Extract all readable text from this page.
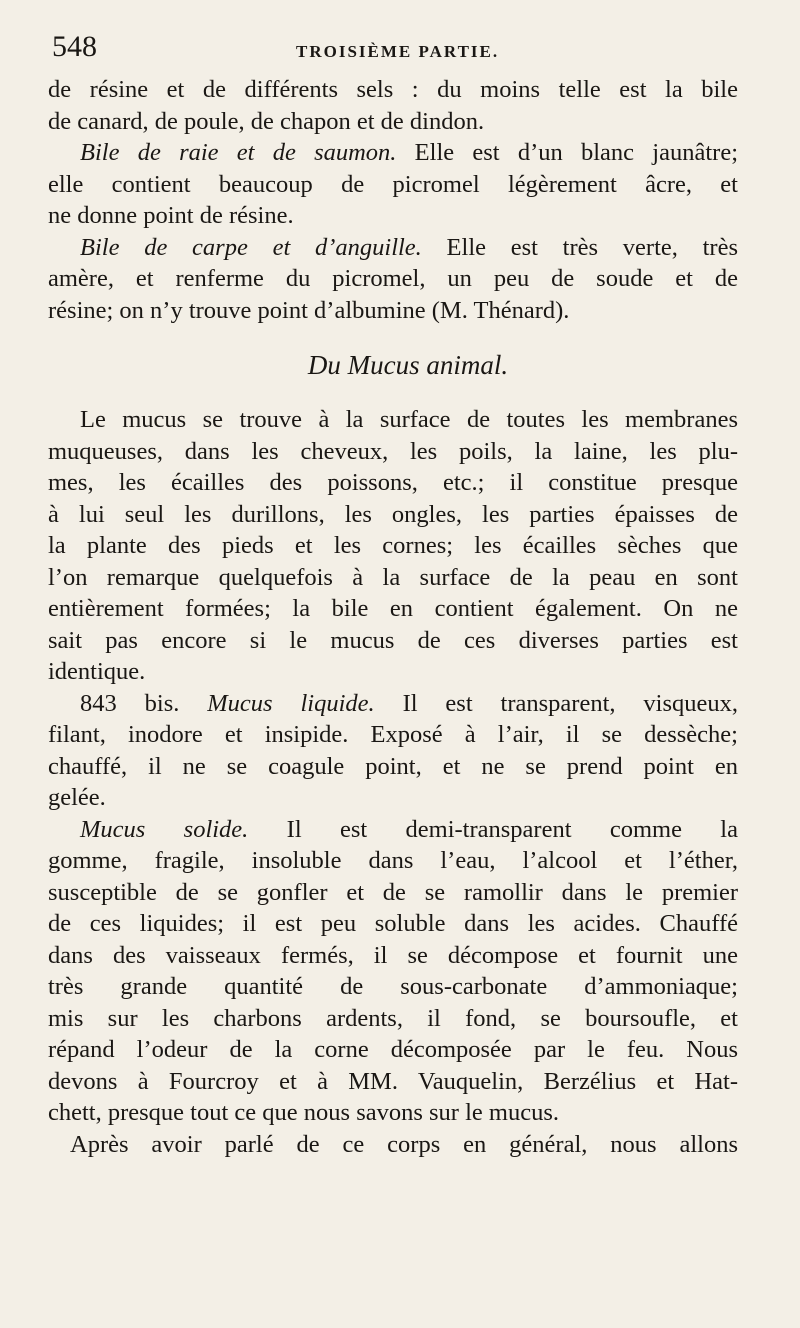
548	TROISIÈME PARTIE.
de résine et de différents sels : du moins telle est la bile
de canard, de poule, de chapon et de dindon.
Bile de raie et de saumon. Elle est d’un blanc jaunâtre;
elle contient beaucoup de picromel légèrement âcre, et
ne donne point de résine.
Bile de carpe et d’anguille. Elle est très verte, très
amère, et renferme du picromel, un peu de soude et de
résine; on n’y trouve point d’albumine (M. Thénard).
Du Mucus animal.
Le mucus se trouve à la surface de toutes les membranes
muqueuses, dans les cheveux, les poils, la laine, les plu-
mes, les écailles des poissons, etc.; il constitue presque
à lui seul les durillons, les ongles, les parties épaisses de
la plante des pieds et les cornes; les écailles sèches que
l’on remarque quelquefois à la surface de la peau en sont
entièrement formées; la bile en contient également. On ne
sait pas encore si le mucus de ces diverses parties est
identique.
843 bis. Mucus liquide. Il est transparent, visqueux,
filant, inodore et insipide. Exposé à l’air, il se dessèche;
chauffé, il ne se coagule point, et ne se prend point en
gelée.
Mucus solide. Il est demi-transparent comme la
gomme, fragile, insoluble dans l’eau, l’alcool et l’éther,
susceptible de se gonfler et de se ramollir dans le premier
de ces liquides; il est peu soluble dans les acides. Chauffé
dans des vaisseaux fermés, il se décompose et fournit une
très grande quantité de sous-carbonate d’ammoniaque;
mis sur les charbons ardents, il fond, se boursoufle, et
répand l’odeur de la corne décomposée par le feu. Nous
devons à Fourcroy et à MM. Vauquelin, Berzélius et Hat-
chett, presque tout ce que nous savons sur le mucus.
Après avoir parlé de ce corps en général, nous allons
